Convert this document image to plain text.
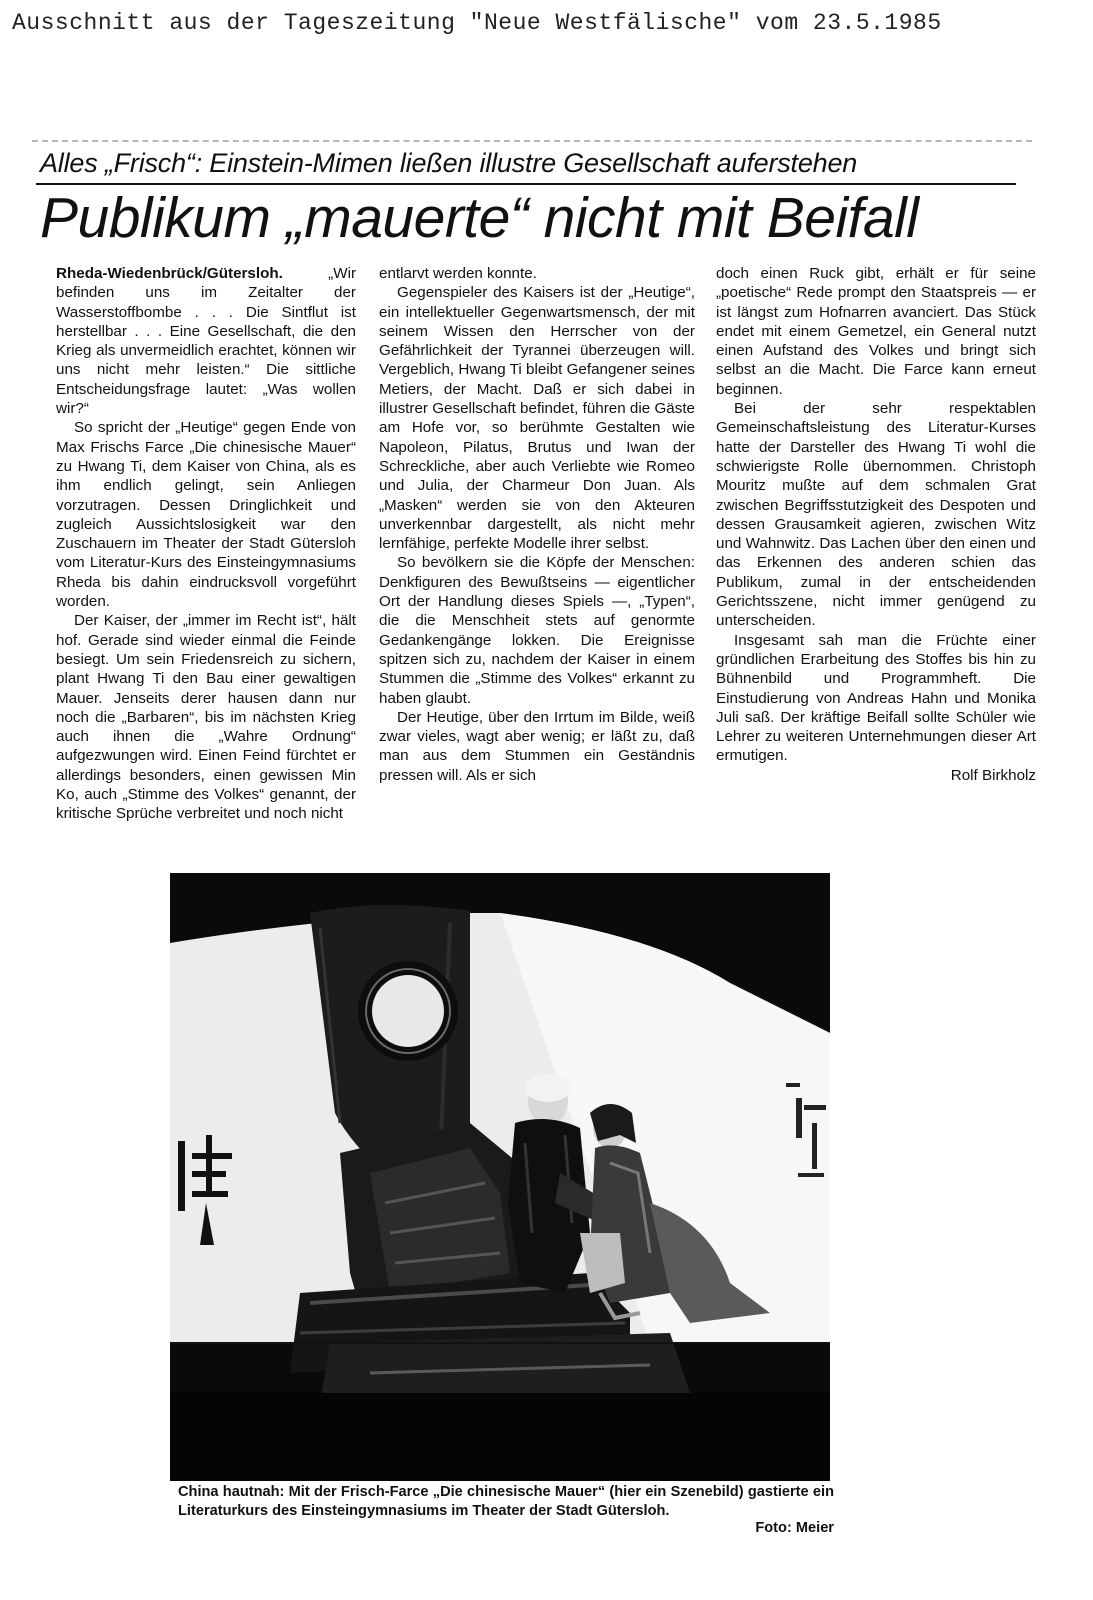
Ausschnitt aus der Tageszeitung "Neue Westfälische" vom 23.5.1985
Alles „Frisch“: Einstein-Mimen ließen illustre Gesellschaft auferstehen
Publikum „mauerte“ nicht mit Beifall

Rheda-Wiedenbrück/Gütersloh.	„Wir befinden uns im Zeitalter der Wasserstoffbombe . . . Die Sintflut ist herstellbar . . . Eine Gesellschaft, die den Krieg als unvermeidlich erachtet, können wir uns nicht mehr leisten.“ Die sittliche Entscheidungsfrage lautet: „Was wollen wir?“

So spricht der „Heutige“ gegen Ende von Max Frischs Farce „Die chinesische Mauer“ zu Hwang Ti, dem Kaiser von China, als es ihm endlich gelingt, sein Anliegen vorzutragen. Dessen Dringlichkeit und zugleich Aussichtslosigkeit war den Zuschauern im Theater der Stadt Gütersloh vom Literatur-Kurs des Einsteingymnasiums Rheda bis dahin eindrucksvoll vorgeführt worden.

Der Kaiser, der „immer im Recht ist“, hält hof. Gerade sind wieder einmal die Feinde besiegt. Um sein Friedensreich zu sichern, plant Hwang Ti den Bau einer gewaltigen Mauer. Jenseits derer hausen dann nur noch die „Barbaren“, bis im nächsten Krieg auch ihnen die „Wahre Ordnung“ aufgezwungen wird. Einen Feind fürchtet er allerdings besonders, einen gewissen Min Ko, auch „Stimme des Volkes“ genannt, der kritische Sprüche verbreitet und noch nicht

entlarvt werden konnte.

Gegenspieler des Kaisers ist der „Heutige“, ein intellektueller Gegenwartsmensch, der mit seinem Wissen den Herrscher von der Gefährlichkeit der Tyrannei überzeugen will. Vergeblich, Hwang Ti bleibt Gefangener seines Metiers, der Macht. Daß er sich dabei in illustrer Gesellschaft befindet, führen die Gäste am Hofe vor, so berühmte Gestalten wie Napoleon, Pilatus, Brutus und Iwan der Schreckliche, aber auch Verliebte wie Romeo und Julia, der Charmeur Don Juan. Als „Masken“ werden sie von den Akteuren unverkennbar dargestellt, als nicht mehr lernfähige, perfekte Modelle ihrer selbst.

So bevölkern sie die Köpfe der Menschen: Denkfiguren des Bewußtseins — eigentlicher Ort der Handlung dieses Spiels —, „Typen“, die die Menschheit stets auf genormte Gedankengänge lokken. Die Ereignisse spitzen sich zu, nachdem der Kaiser in einem Stummen die „Stimme des Volkes“ erkannt zu haben glaubt.

Der Heutige, über den Irrtum im Bilde, weiß zwar vieles, wagt aber wenig; er läßt zu, daß man aus dem Stummen ein Geständnis pressen will. Als er sich

doch einen Ruck gibt, erhält er für seine „poetische“ Rede prompt den Staatspreis — er ist längst zum Hofnarren avanciert. Das Stück endet mit einem Gemetzel, ein General nutzt einen Aufstand des Volkes und bringt sich selbst an die Macht. Die Farce kann erneut beginnen.

Bei der sehr respektablen Gemeinschaftsleistung des Literatur-Kurses hatte der Darsteller des Hwang Ti wohl die schwierigste Rolle übernommen. Christoph Mouritz mußte auf dem schmalen Grat zwischen Begriffsstutzigkeit des Despoten und dessen Grausamkeit agieren, zwischen Witz und Wahnwitz. Das Lachen über den einen und das Erkennen des anderen schien das Publikum, zumal in der entscheidenden Gerichtsszene, nicht immer genügend zu unterscheiden.

Insgesamt sah man die Früchte einer gründlichen Erarbeitung des Stoffes bis hin zu Bühnenbild und Programmheft. Die Einstudierung von Andreas Hahn und Monika Juli saß. Der kräftige Beifall sollte Schüler wie Lehrer zu weiteren Unternehmungen dieser Art ermutigen.

Rolf Birkholz

China hautnah: Mit der Frisch-Farce „Die chinesische Mauer“ (hier ein Szenebild) gastierte ein Literaturkurs des Einsteingymnasiums im Theater der Stadt Gütersloh.
Foto: Meier
